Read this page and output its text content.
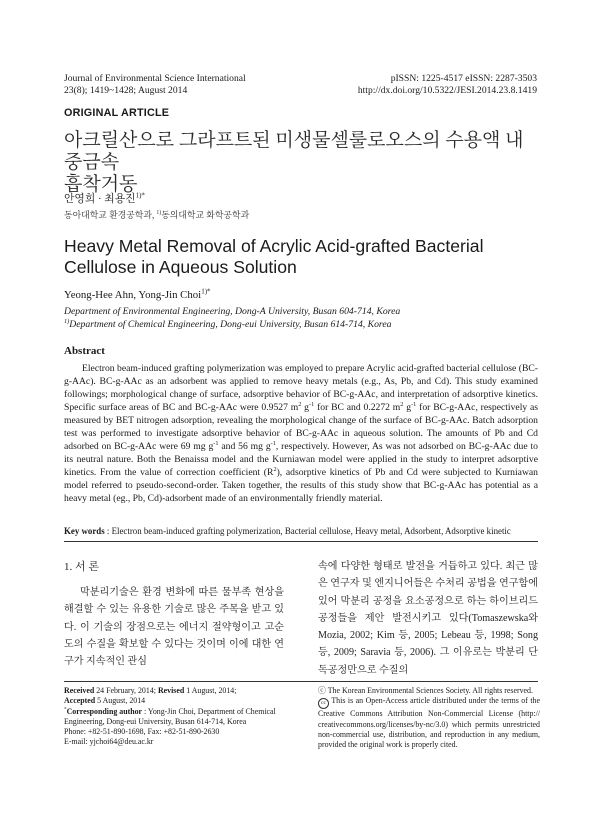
Journal of Environmental Science International
23(8); 1419~1428; August 2014
pISSN: 1225-4517 eISSN: 2287-3503
http://dx.doi.org/10.5322/JESI.2014.23.8.1419
ORIGINAL ARTICLE
아크릴산으로 그라프트된 미생물셀룰로오스의 수용액 내 중금속
흡착거동
안영희 · 최용진$^{1)*}$
동아대학교 환경공학과, $^{1)}$동의대학교 화학공학과
Heavy Metal Removal of Acrylic Acid-grafted Bacterial Cellulose in Aqueous Solution
Yeong-Hee Ahn, Yong-Jin Choi$^{1)*}$
Department of Environmental Engineering, Dong-A University, Busan 604-714, Korea
$^{1)}$Department of Chemical Engineering, Dong-eui University, Busan 614-714, Korea
Abstract
Electron beam-induced grafting polymerization was employed to prepare Acrylic acid-grafted bacterial cellulose (BC-g-AAc). BC-g-AAc as an adsorbent was applied to remove heavy metals (e.g., As, Pb, and Cd). This study examined followings; morphological change of surface, adsorptive behavior of BC-g-AAc, and interpretation of adsorptive kinetics. Specific surface areas of BC and BC-g-AAc were 0.9527 $m^2$ $g^{-1}$ for BC and 0.2272 $m^2$ $g^{-1}$ for BC-g-AAc, respectively as measured by BET nitrogen adsorption, revealing the morphological change of the surface of BC-g-AAc. Batch adsorption test was performed to investigate adsorptive behavior of BC-g-AAc in aqueous solution. The amounts of Pb and Cd adsorbed on BC-g-AAc were 69 mg $g^{-1}$ and 56 mg $g^{-1}$, respectively. However, As was not adsorbed on BC-g-AAc due to its neutral nature. Both the Benaissa model and the Kurniawan model were applied in the study to interpret adsorptive kinetics. From the value of correction coefficient $(R^2)$, adsorptive kinetics of Pb and Cd were subjected to Kurniawan model referred to pseudo-second-order. Taken together, the results of this study show that BC-g-AAc has potential as a heavy metal (eg., Pb, Cd)-adsorbent made of an environmentally friendly material.
Key words : Electron beam-induced grafting polymerization, Bacterial cellulose, Heavy metal, Adsorbent, Adsorptive kinetic
1. 서 론
막분리기술은 환경 변화에 따른 물부족 현상을 해결할 수 있는 유용한 기술로 많은 주목을 받고 있다. 이 기술의 장점으로는 에너지 절약형이고 고순도의 수질을 확보할 수 있다는 것이며 이에 대한 연구가 지속적인 관심
속에 다양한 형태로 발전을 거듭하고 있다. 최근 많은 연구자 및 엔지니어들은 수처리 공법을 연구함에 있어 막분리 공정을 요소공정으로 하는 하이브리드 공정들을 제안 발전시키고 있다(Tomaszewska와 Mozia, 2002; Kim 등, 2005; Lebeau 등, 1998; Song 등, 2009; Saravia 등, 2006). 그 이유로는 박분리 단독공정만으로 수질의
Received 24 February, 2014; Revised 1 August, 2014;
Accepted 5 August, 2014
*Corresponding author : Yong-Jin Choi, Department of Chemical Engineering, Dong-eui University, Busan 614-714, Korea
Phone: +82-51-890-1698, Fax: +82-51-890-2630
E-mail: yjchoi64@deu.ac.kr
ⓒ The Korean Environmental Sciences Society. All rights reserved.
cc This is an Open-Access article distributed under the terms of the Creative Commons Attribution Non-Commercial License (http:// creativecommons.org/licenses/by-nc/3.0) which permits unrestricted non-commercial use, distribution, and reproduction in any medium, provided the original work is properly cited.
